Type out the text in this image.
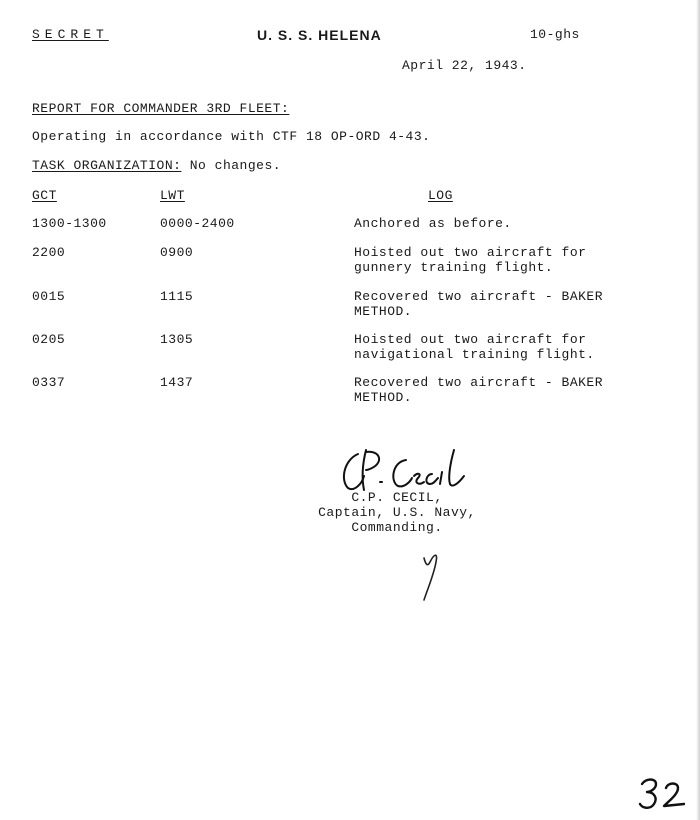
SECRET	U. S. S. HELENA	10-ghs
April 22, 1943.
REPORT FOR COMMANDER 3RD FLEET:
Operating in accordance with CTF 18 OP-ORD 4-43.
TASK ORGANIZATION: No changes.
GCT	LWT	LOG
1300-1300	0000-2400	Anchored as before.
2200	0900	Hoisted out two aircraft for gunnery training flight.
0015	1115	Recovered two aircraft - BAKER METHOD.
0205	1305	Hoisted out two aircraft for navigational training flight.
0337	1437	Recovered two aircraft - BAKER METHOD.
C.P. CECIL,
Captain, U.S. Navy,
Commanding.
